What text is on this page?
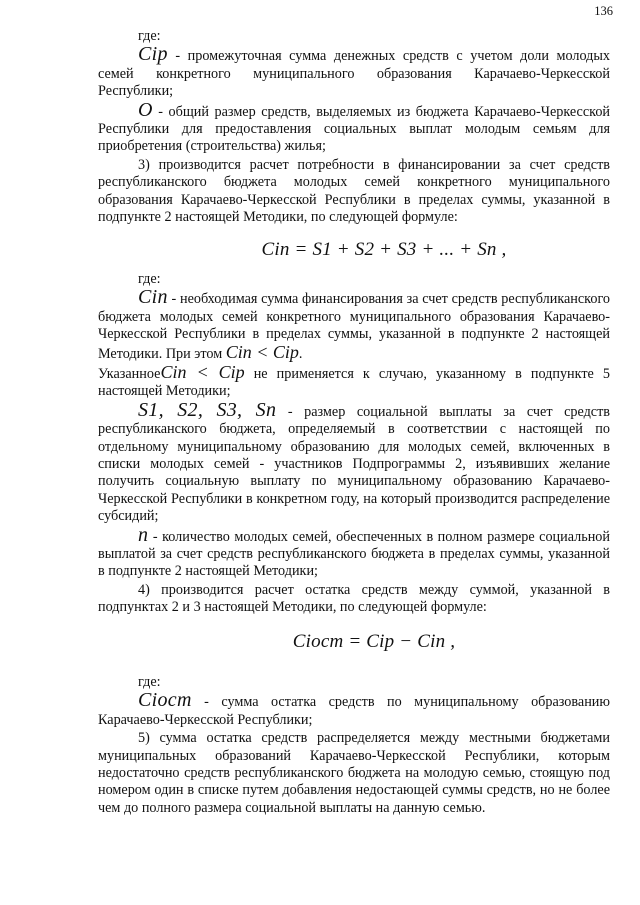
136

где:

Cip - промежуточная сумма денежных средств с учетом доли молодых семей конкретного муниципального образования Карачаево-Черкесской Республики;

O - общий размер средств, выделяемых из бюджета Карачаево-Черкесской Республики для предоставления социальных выплат молодым семьям для приобретения (строительства) жилья;

3) производится расчет потребности в финансировании за счет средств республиканского бюджета молодых семей конкретного муниципального образования Карачаево-Черкесской Республики в пределах суммы, указанной в подпункте 2 настоящей Методики, по следующей формуле:

Cin = S1 + S2 + S3 + ... + Sn ,

где:

Cin - необходимая сумма финансирования за счет средств республиканского бюджета молодых семей конкретного муниципального образования Карачаево-Черкесской Республики в пределах суммы, указанной в подпункте 2 настоящей Методики. При этом Cin < Cip.

УказанноеCin < Cip не применяется к случаю, указанному в подпункте 5 настоящей Методики;

S1, S2, S3, Sn - размер социальной выплаты за счет средств республиканского бюджета, определяемый в соответствии с настоящей по отдельному муниципальному образованию для молодых семей, включенных в списки молодых семей - участников Подпрограммы 2, изъявивших желание получить социальную выплату по муниципальному образованию Карачаево-Черкесской Республики в конкретном году, на который производится распределение субсидий;

n - количество молодых семей, обеспеченных в полном размере социальной выплатой за счет средств республиканского бюджета в пределах суммы, указанной в подпункте 2 настоящей Методики;

4) производится расчет остатка средств между суммой, указанной в подпунктах 2 и 3 настоящей Методики, по следующей формуле:

Ciост = Cip − Cin ,

где:

Ciост - сумма остатка средств по муниципальному образованию Карачаево-Черкесской Республики;

5) сумма остатка средств распределяется между местными бюджетами муниципальных образований Карачаево-Черкесской Республики, которым недостаточно средств республиканского бюджета на молодую семью, стоящую под номером один в списке путем добавления недостающей суммы средств, но не более чем до полного размера социальной выплаты на данную семью.
